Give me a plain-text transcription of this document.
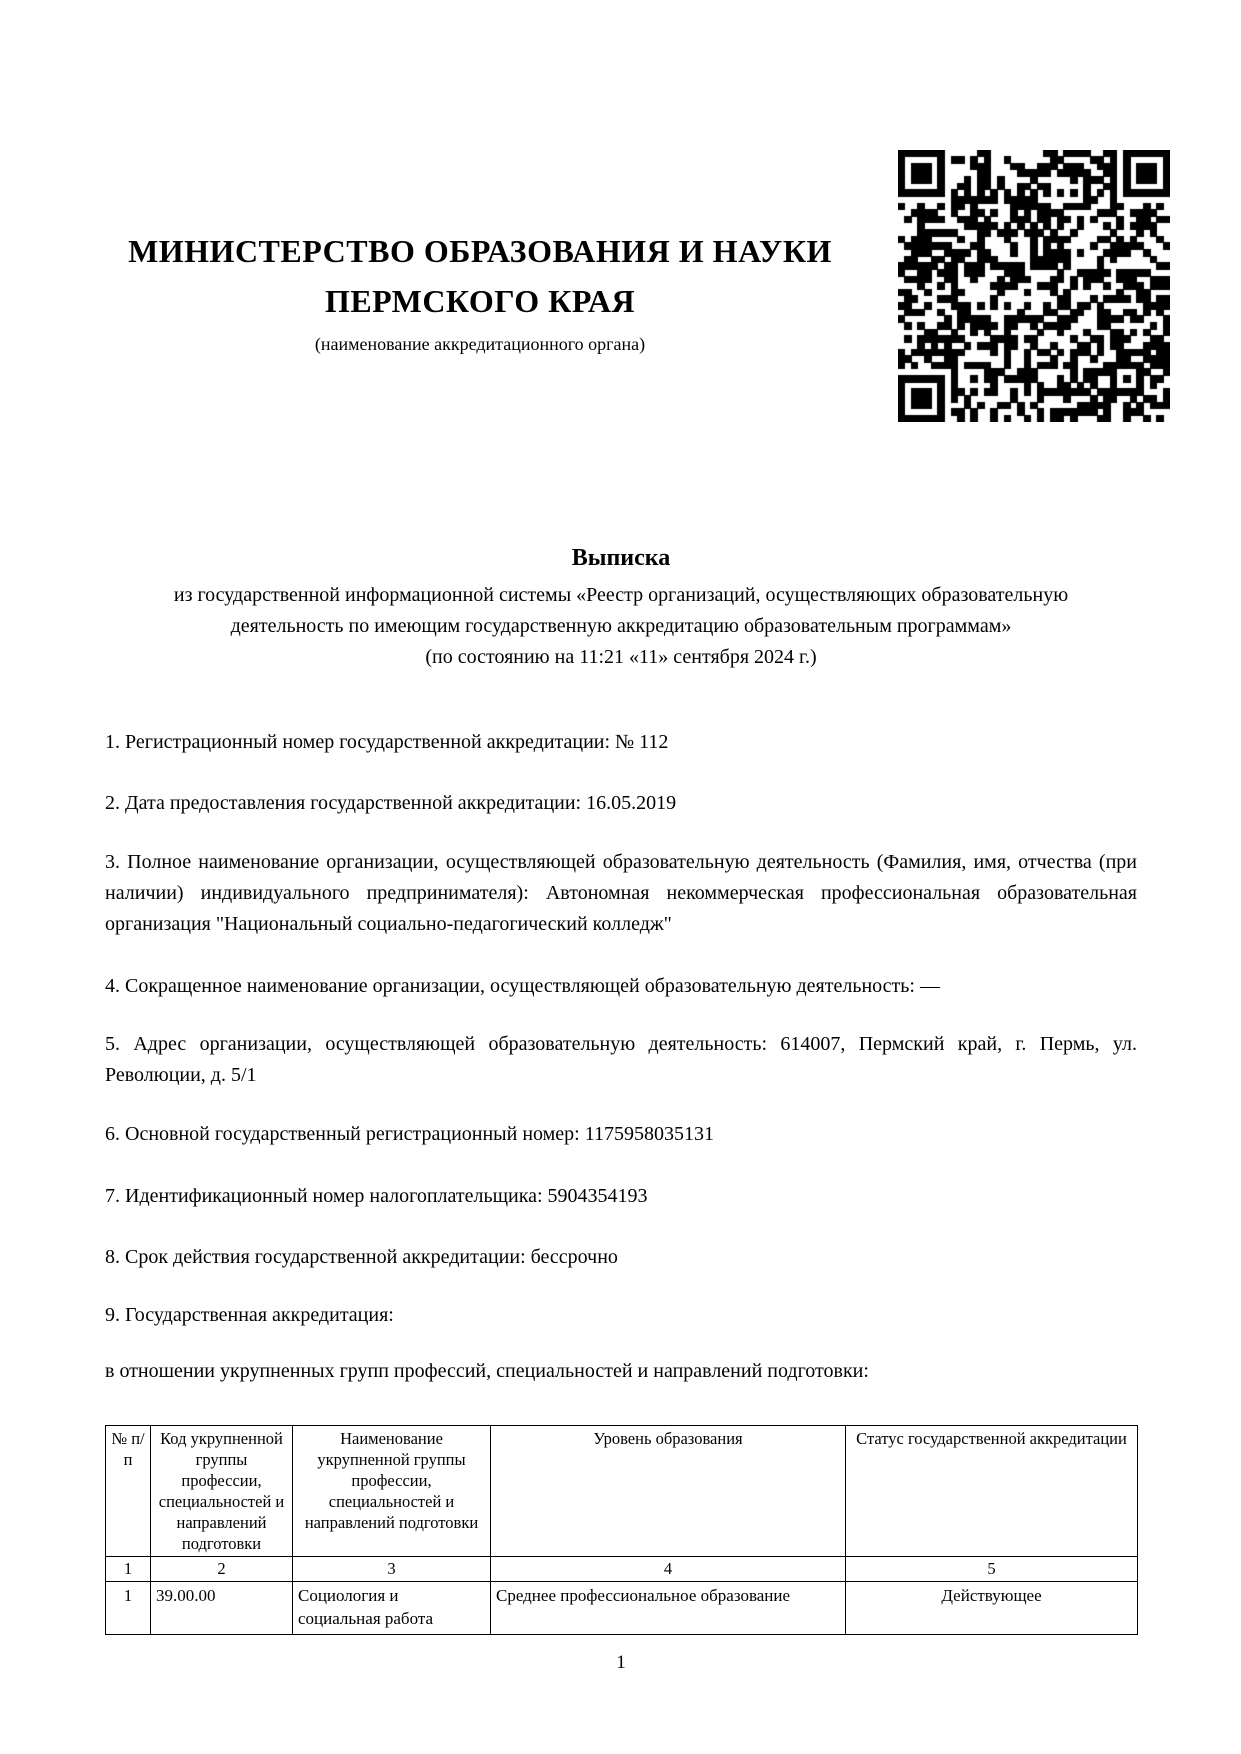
МИНИСТЕРСТВО ОБРАЗОВАНИЯ И НАУКИ
ПЕРМСКОГО КРАЯ
(наименование аккредитационного органа)
Выписка
из государственной информационной системы «Реестр организаций, осуществляющих образовательную
деятельность по имеющим государственную аккредитацию образовательным программам»
(по состоянию на 11:21 «11» сентября 2024 г.)
1. Регистрационный номер государственной аккредитации: № 112
2. Дата предоставления государственной аккредитации: 16.05.2019
3. Полное наименование организации, осуществляющей образовательную деятельность (Фамилия, имя, отчества (при наличии) индивидуального предпринимателя): Автономная некоммерческая профессиональная образовательная организация "Национальный социально-педагогический колледж"
4. Сокращенное наименование организации, осуществляющей образовательную деятельность: —
5. Адрес организации, осуществляющей образовательную деятельность: 614007, Пермский край, г. Пермь, ул. Революции, д. 5/1
6. Основной государственный регистрационный номер: 1175958035131
7. Идентификационный номер налогоплательщика: 5904354193
8. Срок действия государственной аккредитации: бессрочно
9. Государственная аккредитация:
в отношении укрупненных групп профессий, специальностей и направлений подготовки:
№ п/п	Код укрупненной группы профессии, специальностей и направлений подготовки	Наименование укрупненной группы профессии, специальностей и направлений подготовки	Уровень образования	Статус государственной аккредитации
1	2	3	4	5
1	39.00.00	Социология и социальная работа	Среднее профессиональное образование	Действующее
1
